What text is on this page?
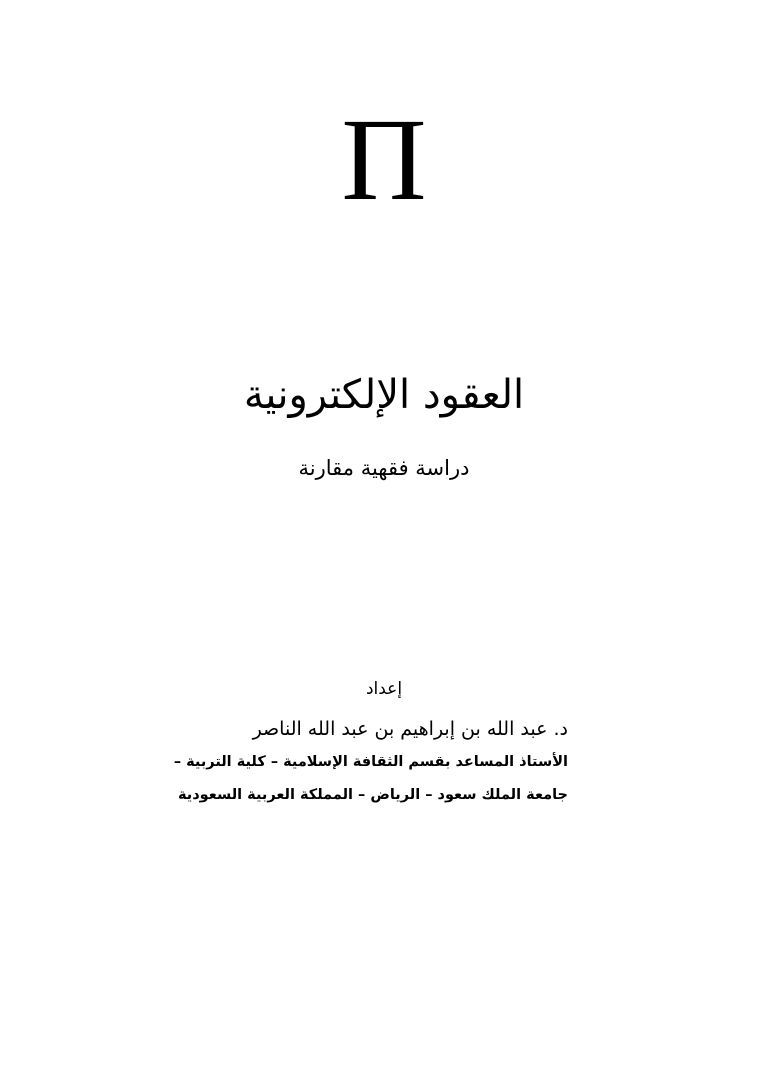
Π
العقود الإلكترونية
دراسة فقهية مقارنة
إعداد
د. عبد الله بن إبراهيم بن عبد الله الناصر
الأستاذ المساعد بقسم الثقافة الإسلامية – كلية التربية –
جامعة الملك سعود – الرياض – المملكة العربية السعودية
